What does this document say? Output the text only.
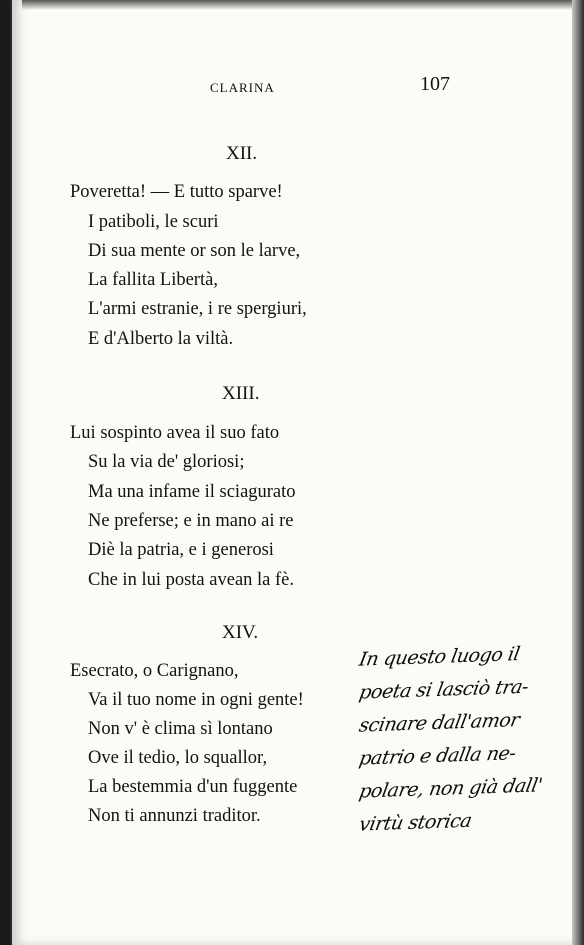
CLARINA	107
XII.
Poveretta! — E tutto sparve!
I patiboli, le scuri
Di sua mente or son le larve,
La fallita Libertà,
L'armi estranie, i re spergiuri,
E d'Alberto la viltà.
XIII.
Lui sospinto avea il suo fato
Su la via de' gloriosi;
Ma una infame il sciagurato
Ne preferse; e in mano ai re
Diè la patria, e i generosi
Che in lui posta avean la fè.
XIV.
Esecrato, o Carignano,
Va il tuo nome in ogni gente!
Non v' è clima sì lontano
Ove il tedio, lo squallor,
La bestemmia d'un fuggente
Non ti annunzi traditor.
In questo luogo il
poeta si lasciò tra-
scinare dall'amor
patrio e dalla ne-
polare, non già dall'
virtù storica
